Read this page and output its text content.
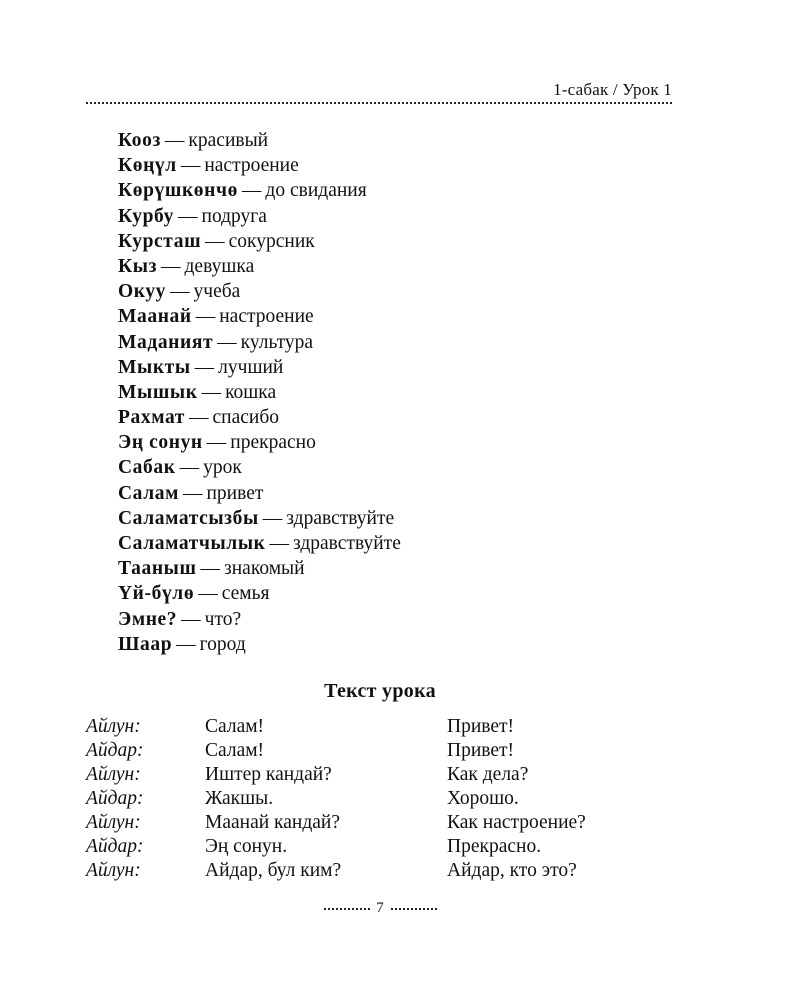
1-сабак / Урок 1
Кооз — красивый
Көңүл — настроение
Көрүшкөнчө — до свидания
Курбу — подруга
Курсташ — сокурсник
Кыз — девушка
Окуу — учеба
Маанай — настроение
Маданият — культура
Мыкты — лучший
Мышык — кошка
Рахмат — спасибо
Эң сонун — прекрасно
Сабак — урок
Салам — привет
Саламатсызбы — здравствуйте
Саламатчылык — здравствуйте
Тааныш — знакомый
Үй-бүлө — семья
Эмне? — что?
Шаар — город
Текст урока
Айлун:	Салам!	Привет!
Айдар:	Салам!	Привет!
Айлун:	Иштер кандай?	Как дела?
Айдар:	Жакшы.	Хорошо.
Айлун:	Маанай кандай?	Как настроение?
Айдар:	Эң сонун.	Прекрасно.
Айлун:	Айдар, бул ким?	Айдар, кто это?
7
